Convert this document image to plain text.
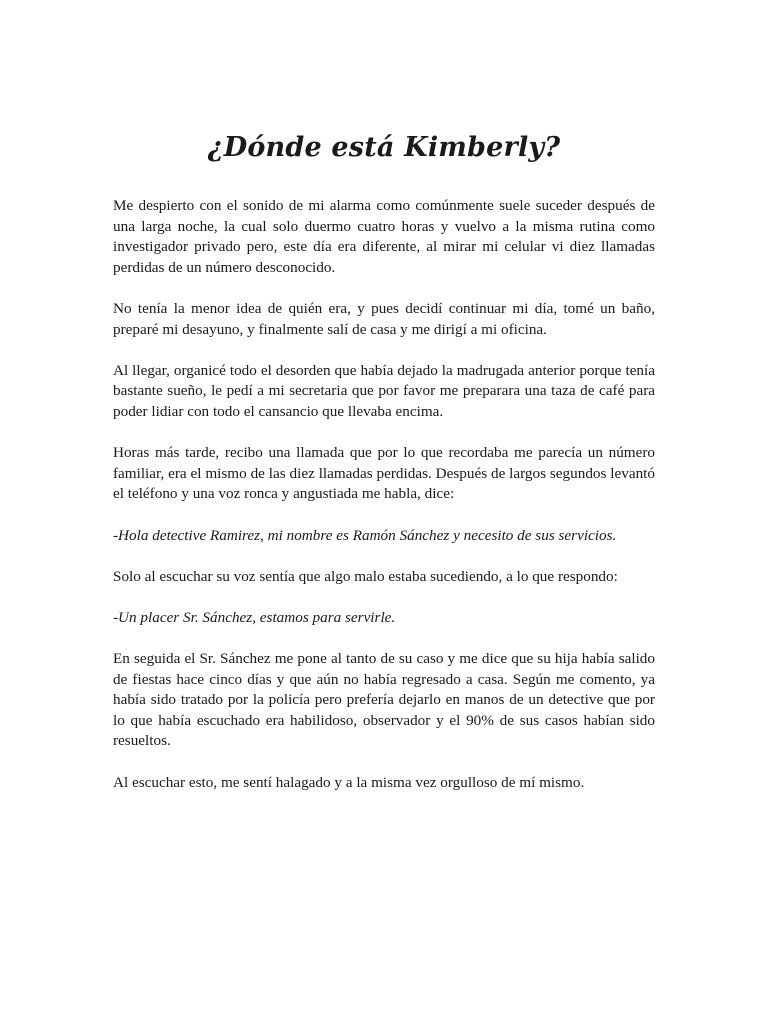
¿Dónde está Kimberly?

Me despierto con el sonido de mi alarma como comúnmente suele suceder después de una larga noche, la cual solo duermo cuatro horas y vuelvo a la misma rutina como investigador privado pero, este día era diferente, al mirar mi celular vi diez llamadas perdidas de un número desconocido.

No tenía la menor idea de quién era, y pues decidí continuar mi día, tomé un baño, preparé mi desayuno, y finalmente salí de casa y me dirigí a mi oficina.

Al llegar, organicé todo el desorden que había dejado la madrugada anterior porque tenía bastante sueño, le pedí a mi secretaria que por favor me preparara una taza de café para poder lidiar con todo el cansancio que llevaba encima.

Horas más tarde, recibo una llamada que por lo que recordaba me parecía un número familiar, era el mismo de las diez llamadas perdidas. Después de largos segundos levantó el teléfono y una voz ronca y angustiada me habla, dice:

-Hola detective Ramirez, mi nombre es Ramón Sánchez y necesito de sus servicios.

Solo al escuchar su voz sentía que algo malo estaba sucediendo, a lo que respondo:

-Un placer Sr. Sánchez, estamos para servirle.

En seguida el Sr. Sánchez me pone al tanto de su caso y me dice que su hija había salido de fiestas hace cinco días y que aún no había regresado a casa. Según me comento, ya había sido tratado por la policía pero prefería dejarlo en manos de un detective que por lo que había escuchado era habilidoso, observador y el 90% de sus casos habían sido resueltos.

Al escuchar esto, me sentí halagado y a la misma vez orgulloso de mí mismo.
